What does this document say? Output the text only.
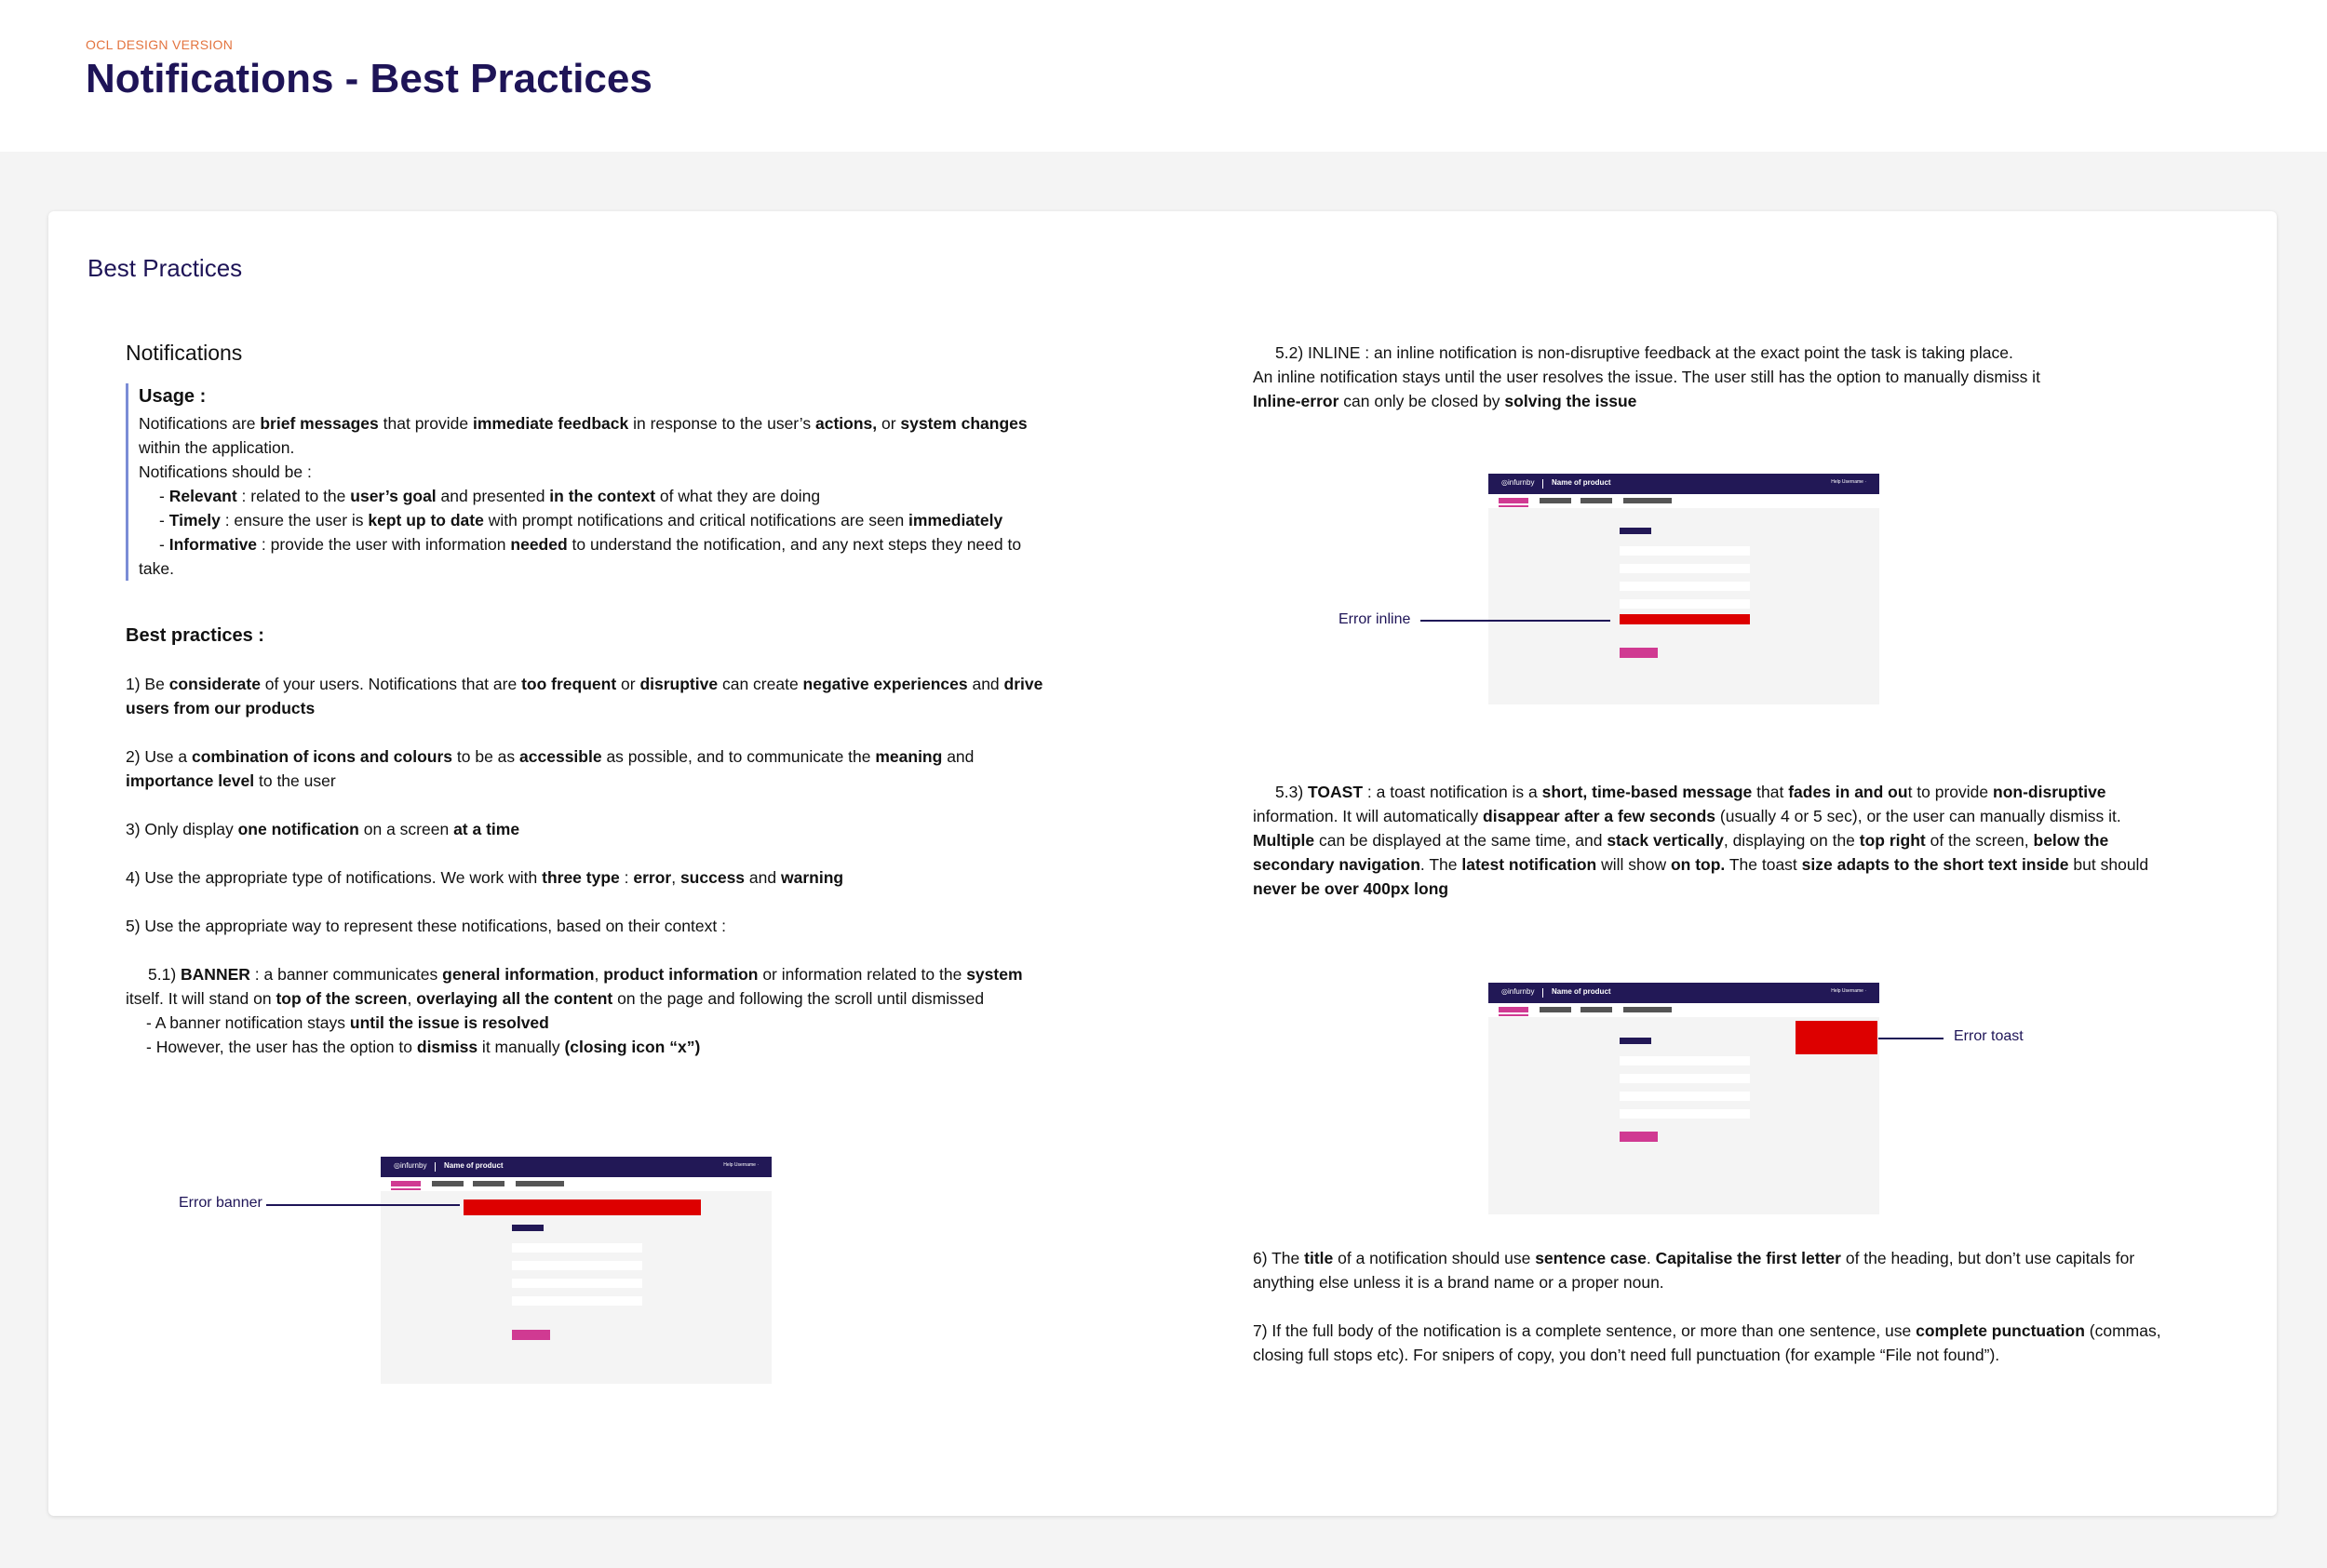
OCL DESIGN VERSION
Notifications - Best Practices
Best Practices
Notifications
Usage :

Notifications are brief messages that provide immediate feedback in response to the user’s actions, or system changes within the application.

Notifications should be :

- Relevant : related to the user’s goal and presented in the context of what they are doing

- Timely : ensure the user is kept up to date with prompt notifications and critical notifications are seen immediately

- Informative : provide the user with information needed to understand the notification, and any next steps they need to take.

Best practices :

1) Be considerate of your users. Notifications that are too frequent or disruptive can create negative experiences and drive users from our products

2) Use a combination of icons and colours to be as accessible as possible, and to communicate the meaning and importance level to the user

3) Only display one notification on a screen at a time

4) Use the appropriate type of notifications. We work with three type : error, success and warning

5) Use the appropriate way to represent these notifications, based on their context :

5.1) BANNER : a banner communicates general information, product information or information related to the system itself. It will stand on top of the screen, overlaying all the content on the page and following the scroll until dismissed

- A banner notification stays until the issue is resolved

- However, the user has the option to dismiss it manually (closing icon “x”)

5.2) INLINE : an inline notification is non-disruptive feedback at the exact point the task is taking place.

An inline notification stays until the user resolves the issue. The user still has the option to manually dismiss it

Inline-error can only be closed by solving the issue

5.3) TOAST : a toast notification is a short, time-based message that fades in and out to provide non-disruptive information. It will automatically disappear after a few seconds (usually 4 or 5 sec), or the user can manually dismiss it. Multiple can be displayed at the same time, and stack vertically, displaying on the top right of the screen, below the secondary navigation. The latest notification will show on top. The toast size adapts to the short text inside but should never be over 400px long

6) The title of a notification should use sentence case. Capitalise the first letter of the heading, but don’t use capitals for anything else unless it is a brand name or a proper noun.

7) If the full body of the notification is a complete sentence, or more than one sentence, use complete punctuation (commas, closing full stops etc). For snipers of copy, you don’t need full punctuation (for example “File not found”).

◎infurnby Name of product	Help Username ·
Error banner
◎infurnby Name of product	Help Username ·
Error inline
◎infurnby Name of product	Help Username ·
Error toast
